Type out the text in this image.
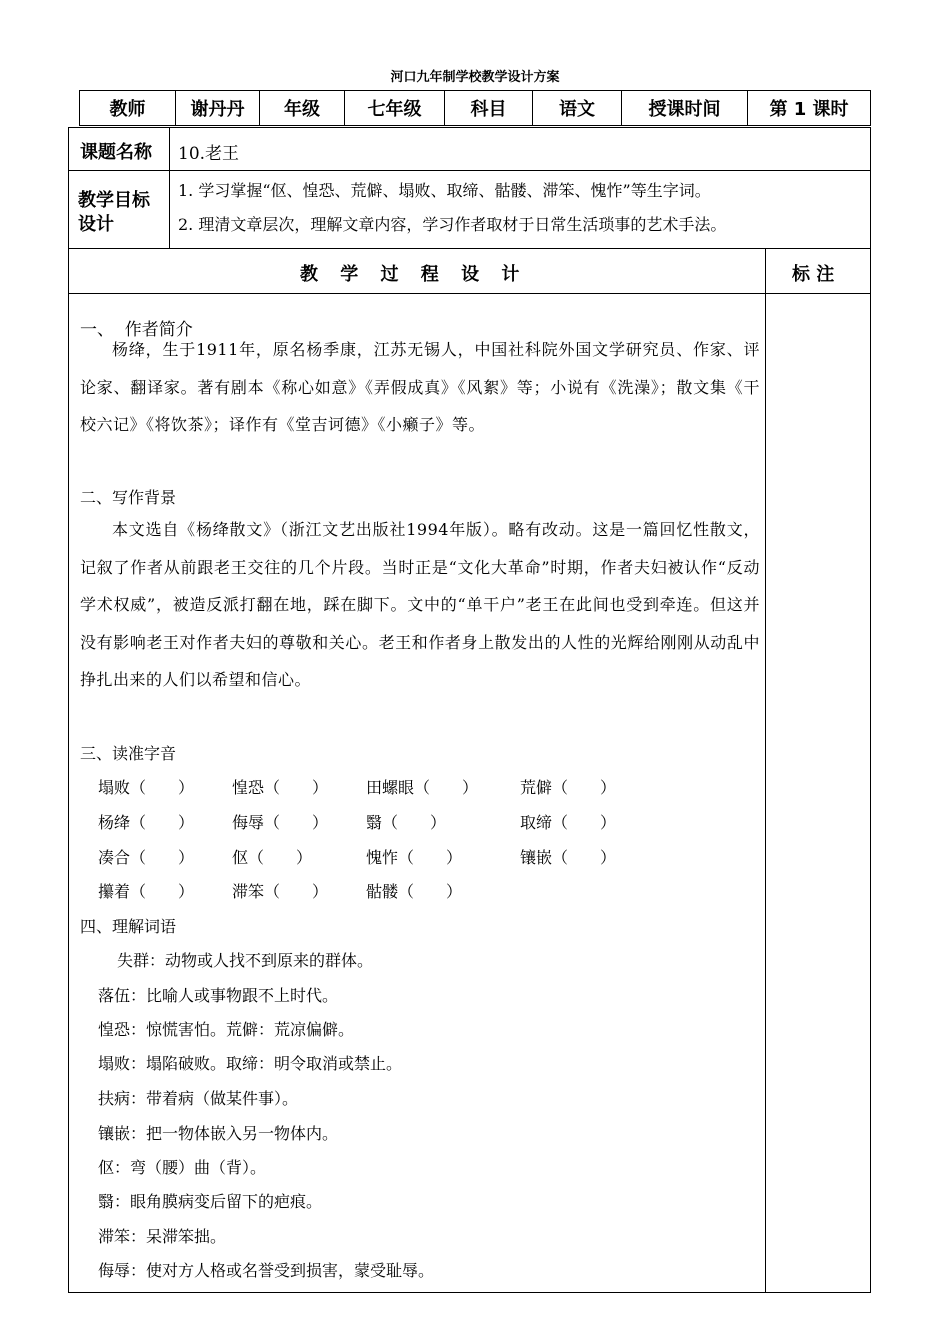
河口九年制学校教学设计方案
教师	谢丹丹	年级	七年级	科目	语文	授课时间	第 1 课时
课题名称 10.老王
教学目标
设计
1. 学习掌握“伛、惶恐、荒僻、塌败、取缔、骷髅、滞笨、愧怍”等生字词。
2. 理清文章层次，理解文章内容，学习作者取材于日常生活琐事的艺术手法。
教 学 过 程 设 计	标 注
一、  作者简介
杨绛，生于1911年，原名杨季康，江苏无锡人，中国社科院外国文学研究员、作家、评论家、翻译家。著有剧本《称心如意》《弄假成真》《风絮》等；小说有《洗澡》；散文集《干校六记》《将饮茶》；译作有《堂吉诃德》《小癞子》等。
二、写作背景
本文选自《杨绛散文》（浙江文艺出版社1994年版）。略有改动。这是一篇回忆性散文，记叙了作者从前跟老王交往的几个片段。当时正是“文化大革命”时期，作者夫妇被认作“反动学术权威”，被造反派打翻在地，踩在脚下。文中的“单干户”老王在此间也受到牵连。但这并没有影响老王对作者夫妇的尊敬和关心。老王和作者身上散发出的人性的光辉给刚刚从动乱中挣扎出来的人们以希望和信心。
三、读准字音
塌败（　　） 惶恐（　　） 田螺眼（　　）	荒僻（　　）
杨绛（　　） 侮辱（　　） 翳（　　）	取缔（　　）
凑合（　　） 伛（　　）	愧怍（　　）	镶嵌（　　）
攥着（　　） 滞笨（　　） 骷髅（　　）
四、理解词语
失群：动物或人找不到原来的群体。
落伍：比喻人或事物跟不上时代。
惶恐：惊慌害怕。荒僻：荒凉偏僻。
塌败：塌陷破败。取缔：明令取消或禁止。
扶病：带着病（做某件事）。
镶嵌：把一物体嵌入另一物体内。
伛：弯（腰）曲（背）。
翳：眼角膜病变后留下的疤痕。
滞笨：呆滞笨拙。
侮辱：使对方人格或名誉受到损害，蒙受耻辱。
